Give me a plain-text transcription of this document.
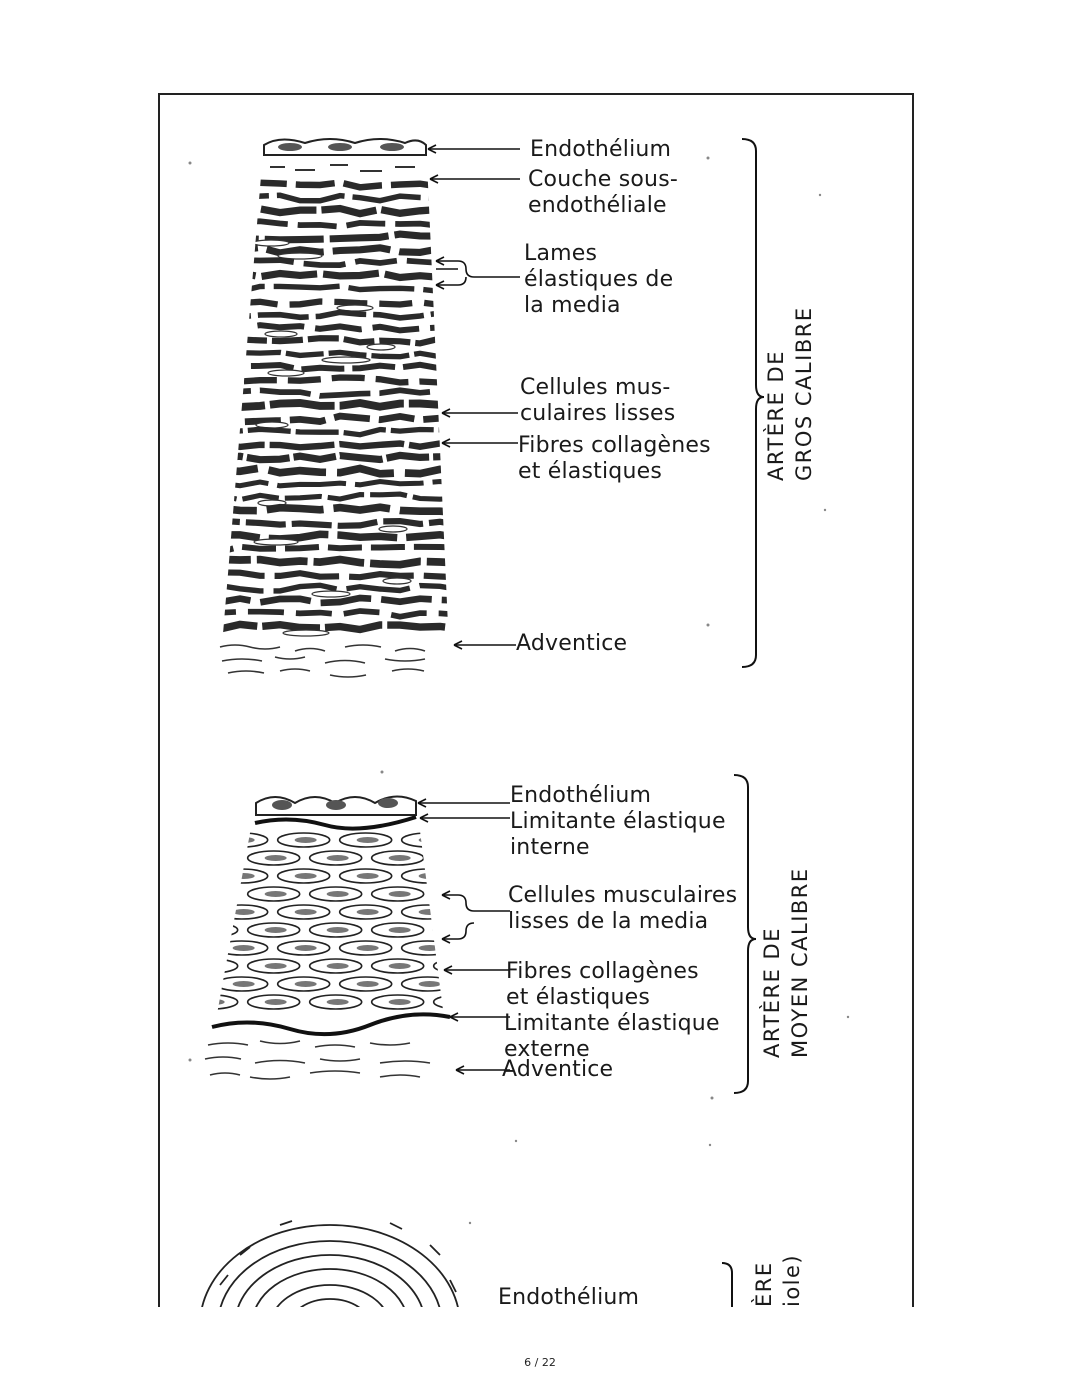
Endothélium
Couche sous-
endothéliale
Lames
élastiques de
la media
Cellules mus-
culaires lisses
Fibres collagènes
et élastiques
Adventice
Endothélium
Limitante élastique
interne
Cellules musculaires
lisses de la media
Fibres collagènes
et élastiques
Limitante élastique
externe
Adventice
Endothélium
ARTÈRE DE GROS CALIBRE
ARTÈRE DE MOYEN CALIBRE
ÈRE iole)
6 / 22
